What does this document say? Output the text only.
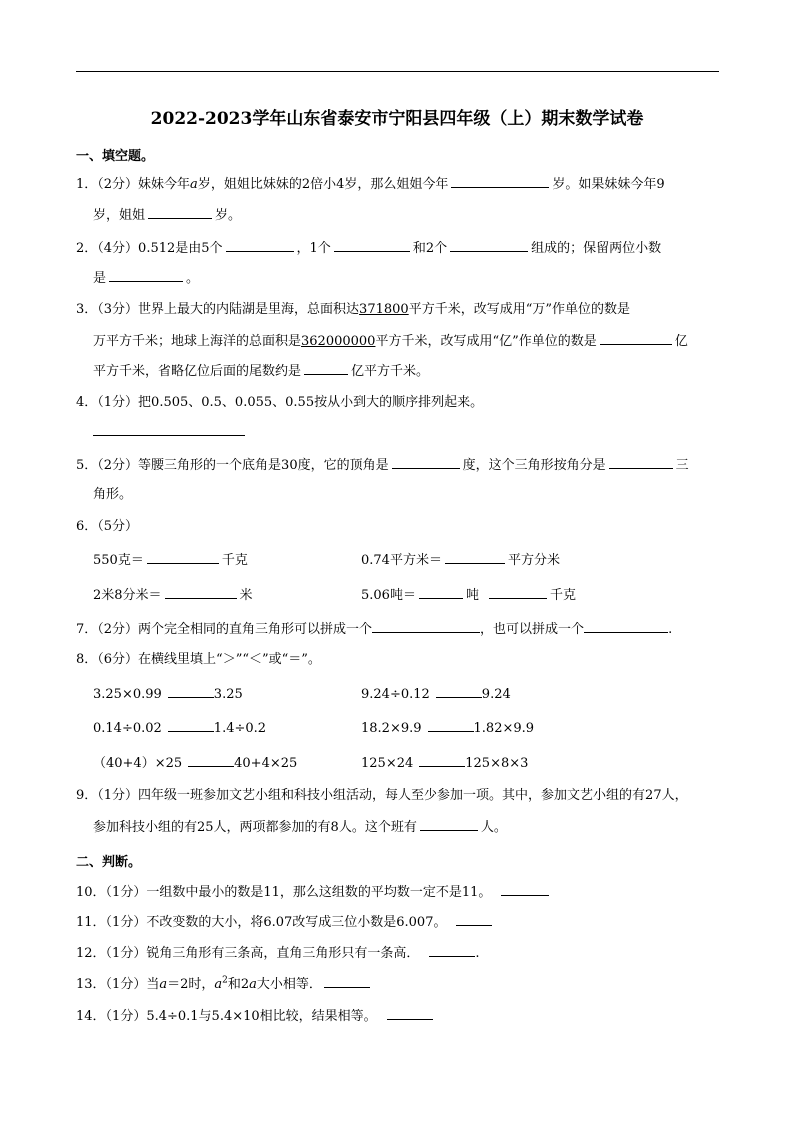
2022-2023学年山东省泰安市宁阳县四年级（上）期末数学试卷
一、填空题。
1．（2分）妹妹今年a岁，姐姐比妹妹的2倍小4岁，那么姐姐今年	岁。如果妹妹今年9
岁，姐姐	岁。
2．（4分）0.512是由5个	，1个	和2个	组成的；保留两位小数
是	。
3．（3分）世界上最大的内陆湖是里海，总面积达371800平方千米，改写成用“万”作单位的数是
万平方千米；地球上海洋的总面积是362000000平方千米，改写成用“亿”作单位的数是	亿
平方千米，省略亿位后面的尾数约是	亿平方千米。
4．（1分）把0.505、0.5、0.055、0.55按从小到大的顺序排列起来。
5．（2分）等腰三角形的一个底角是30度，它的顶角是	度，这个三角形按角分是	三
角形。
6．（5分）
550克＝	千克	0.74平方米＝	平方分米
2米8分米＝	米	5.06吨＝	吨	千克
7．（2分）两个完全相同的直角三角形可以拼成一个	，也可以拼成一个	.
8．（6分）在横线里填上“＞”“＜”或“＝”。
3.25×0.99	3.25	9.24÷0.12	9.24
0.14÷0.02	1.4÷0.2	18.2×9.9	1.82×9.9
（40+4）×25	40+4×25	125×24	125×8×3
9．（1分）四年级一班参加文艺小组和科技小组活动，每人至少参加一项。其中，参加文艺小组的有27人，
参加科技小组的有25人，两项都参加的有8人。这个班有	人。
二、判断。
10．（1分）一组数中最小的数是11，那么这组数的平均数一定不是11。
11．（1分）不改变数的大小，将6.07改写成三位小数是6.007。
12．（1分）锐角三角形有三条高，直角三角形只有一条高．	.
13．（1分）当a＝2时，$a^2$和2a大小相等．
14．（1分）5.4÷0.1与5.4×10相比较，结果相等。
